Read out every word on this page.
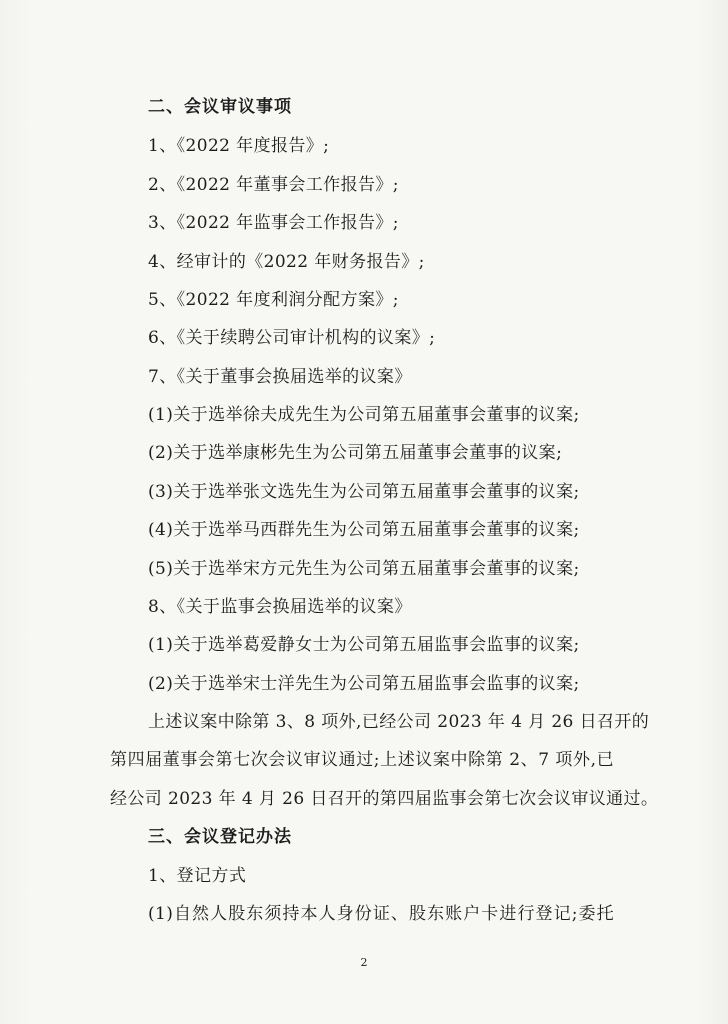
二、会议审议事项
1、《2022 年度报告》;
2、《2022 年董事会工作报告》;
3、《2022 年监事会工作报告》;
4、经审计的《2022 年财务报告》;
5、《2022 年度利润分配方案》;
6、《关于续聘公司审计机构的议案》;
7、《关于董事会换届选举的议案》
(1)关于选举徐夫成先生为公司第五届董事会董事的议案;
(2)关于选举康彬先生为公司第五届董事会董事的议案;
(3)关于选举张文选先生为公司第五届董事会董事的议案;
(4)关于选举马西群先生为公司第五届董事会董事的议案;
(5)关于选举宋方元先生为公司第五届董事会董事的议案;
8、《关于监事会换届选举的议案》
(1)关于选举葛爱静女士为公司第五届监事会监事的议案;
(2)关于选举宋士洋先生为公司第五届监事会监事的议案;
上述议案中除第 3、8 项外,已经公司 2023 年 4 月 26 日召开的
第四届董事会第七次会议审议通过;上述议案中除第 2、7 项外,已
经公司 2023 年 4 月 26 日召开的第四届监事会第七次会议审议通过。
三、会议登记办法
1、登记方式
(1)自然人股东须持本人身份证、股东账户卡进行登记;委托
2
